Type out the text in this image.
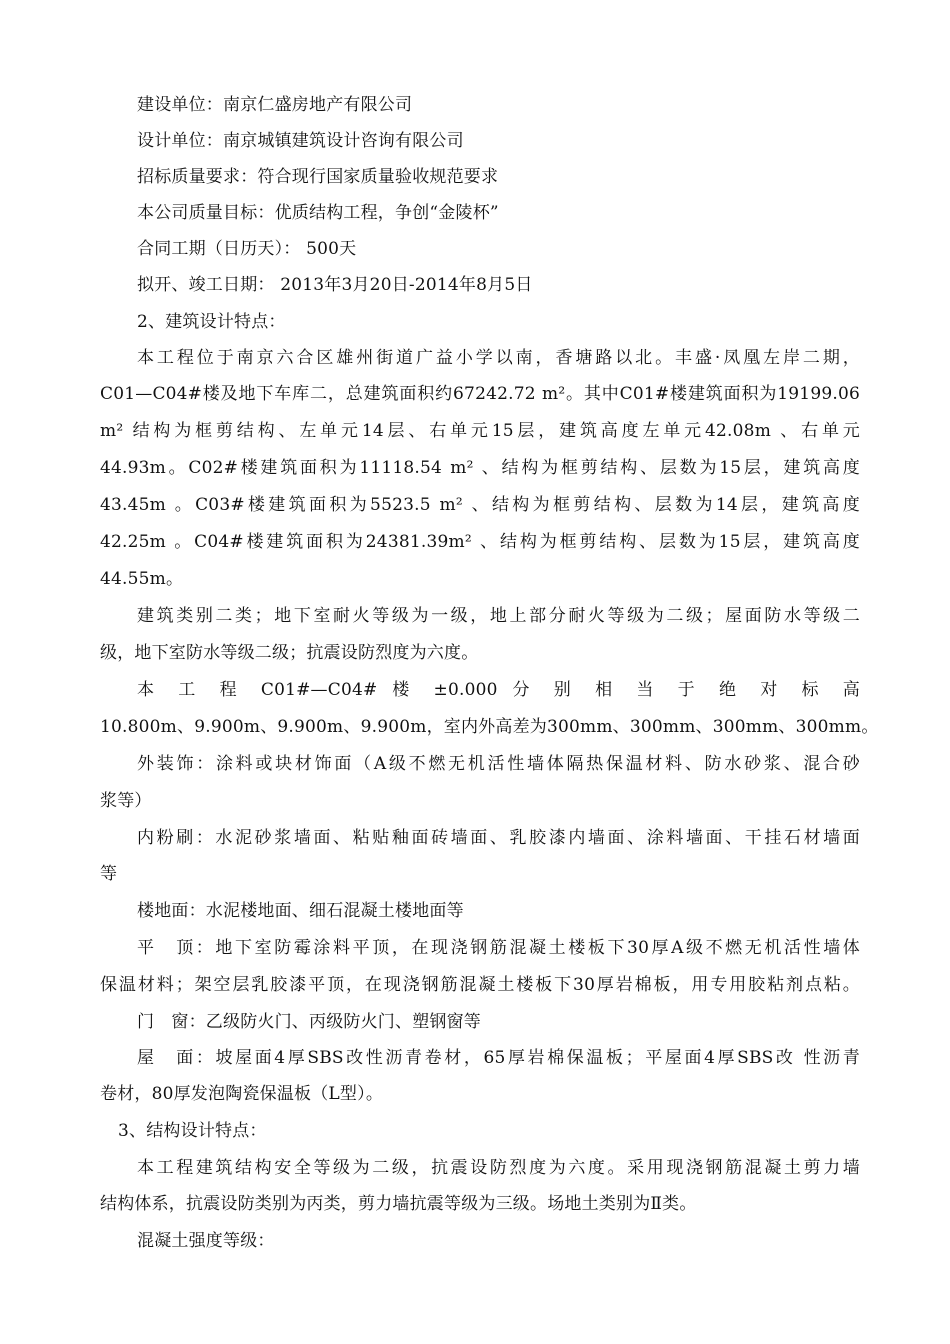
建设单位：南京仁盛房地产有限公司
设计单位：南京城镇建筑设计咨询有限公司
招标质量要求：符合现行国家质量验收规范要求
本公司质量目标：优质结构工程，争创“金陵杯”
合同工期（日历天）： 500天
拟开、竣工日期： 2013年3月20日-2014年8月5日
2、建筑设计特点：
本工程位于南京六合区雄州街道广益小学以南，香塘路以北。丰盛·凤凰左岸二期，
C01—C04#楼及地下车库二，总建筑面积约67242.72 m²。其中C01#楼建筑面积为19199.06
m² 结构为框剪结构、左单元14层、右单元15层，建筑高度左单元42.08m 、右单元
44.93m。C02#楼建筑面积为11118.54 m² 、结构为框剪结构、层数为15层，建筑高度
43.45m 。C03#楼建筑面积为5523.5 m² 、结构为框剪结构、层数为14层，建筑高度
42.25m 。C04#楼建筑面积为24381.39m² 、结构为框剪结构、层数为15层，建筑高度
44.55m。
建筑类别二类；地下室耐火等级为一级，地上部分耐火等级为二级；屋面防水等级二
级，地下室防水等级二级；抗震设防烈度为六度。
本 工 程 C01#—C04# 楼 ±0.000 分 别 相 当 于 绝 对 标 高
10.800m、9.900m、9.900m、9.900m，室内外高差为300mm、300mm、300mm、300mm。
外装饰：涂料或块材饰面（A级不燃无机活性墙体隔热保温材料、防水砂浆、混合砂
浆等）
内粉刷：水泥砂浆墙面、粘贴釉面砖墙面、乳胶漆内墙面、涂料墙面、干挂石材墙面
等
楼地面：水泥楼地面、细石混凝土楼地面等
平　顶：地下室防霉涂料平顶，在现浇钢筋混凝土楼板下30厚A级不燃无机活性墙体
保温材料；架空层乳胶漆平顶，在现浇钢筋混凝土楼板下30厚岩棉板，用专用胶粘剂点粘。
门　窗：乙级防火门、丙级防火门、塑钢窗等
屋　面：坡屋面4厚SBS改性沥青卷材，65厚岩棉保温板；平屋面4厚SBS改 性沥青
卷材，80厚发泡陶瓷保温板（L型）。
3、结构设计特点：
本工程建筑结构安全等级为二级，抗震设防烈度为六度。采用现浇钢筋混凝土剪力墙
结构体系，抗震设防类别为丙类，剪力墙抗震等级为三级。场地土类别为Ⅱ类。
混凝土强度等级：
